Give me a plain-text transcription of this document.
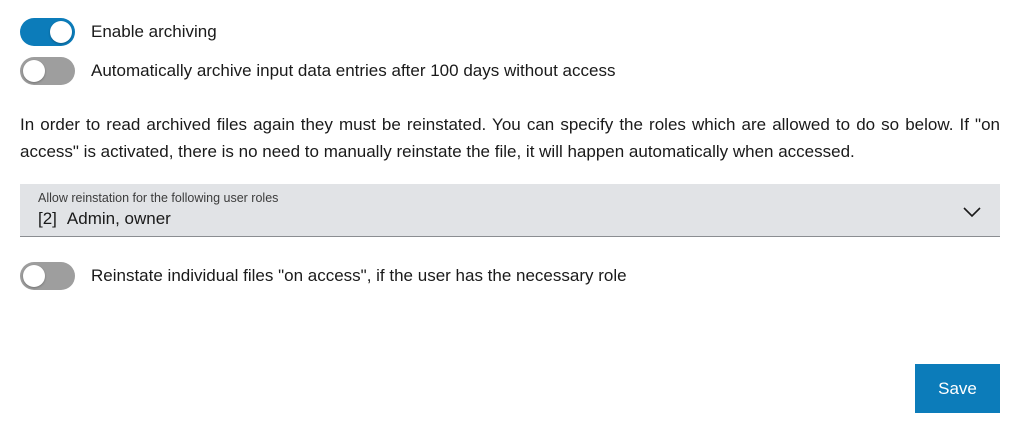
Enable archiving
Automatically archive input data entries after 100 days without access
In order to read archived files again they must be reinstated. You can specify the roles which are allowed to do so below. If "on access" is activated, there is no need to manually reinstate the file, it will happen automatically when accessed.
Allow reinstation for the following user roles
[2] Admin, owner
Reinstate individual files "on access", if the user has the necessary role
Save
